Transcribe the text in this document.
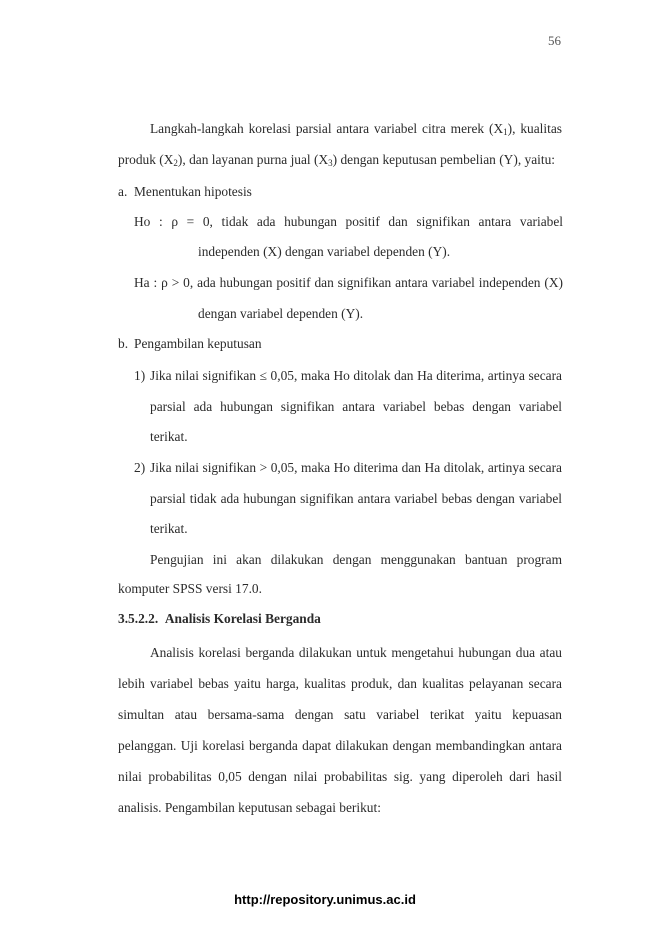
56
Langkah-langkah korelasi parsial antara variabel citra merek $(X_1)$, kualitas
produk $(X_2)$, dan layanan purna jual $(X_3)$ dengan keputusan pembelian (Y), yaitu:
a. Menentukan hipotesis
Ho : ρ = 0, tidak ada hubungan positif dan signifikan antara variabel
independen (X) dengan variabel dependen (Y).
Ha : ρ > 0, ada hubungan positif dan signifikan antara variabel independen (X)
dengan variabel dependen (Y).
b. Pengambilan keputusan
1) Jika nilai signifikan ≤ 0,05, maka Ho ditolak dan Ha diterima, artinya secara
parsial ada hubungan signifikan antara variabel bebas dengan variabel
terikat.
2) Jika nilai signifikan > 0,05, maka Ho diterima dan Ha ditolak, artinya secara
parsial tidak ada hubungan signifikan antara variabel bebas dengan variabel
terikat.
Pengujian ini akan dilakukan dengan menggunakan bantuan program
komputer SPSS versi 17.0.
3.5.2.2. Analisis Korelasi Berganda
Analisis korelasi berganda dilakukan untuk mengetahui hubungan dua atau
lebih variabel bebas yaitu harga, kualitas produk, dan kualitas pelayanan secara
simultan atau bersama-sama dengan satu variabel terikat yaitu kepuasan
pelanggan. Uji korelasi berganda dapat dilakukan dengan membandingkan antara
nilai probabilitas 0,05 dengan nilai probabilitas sig. yang diperoleh dari hasil
analisis. Pengambilan keputusan sebagai berikut:
http://repository.unimus.ac.id
